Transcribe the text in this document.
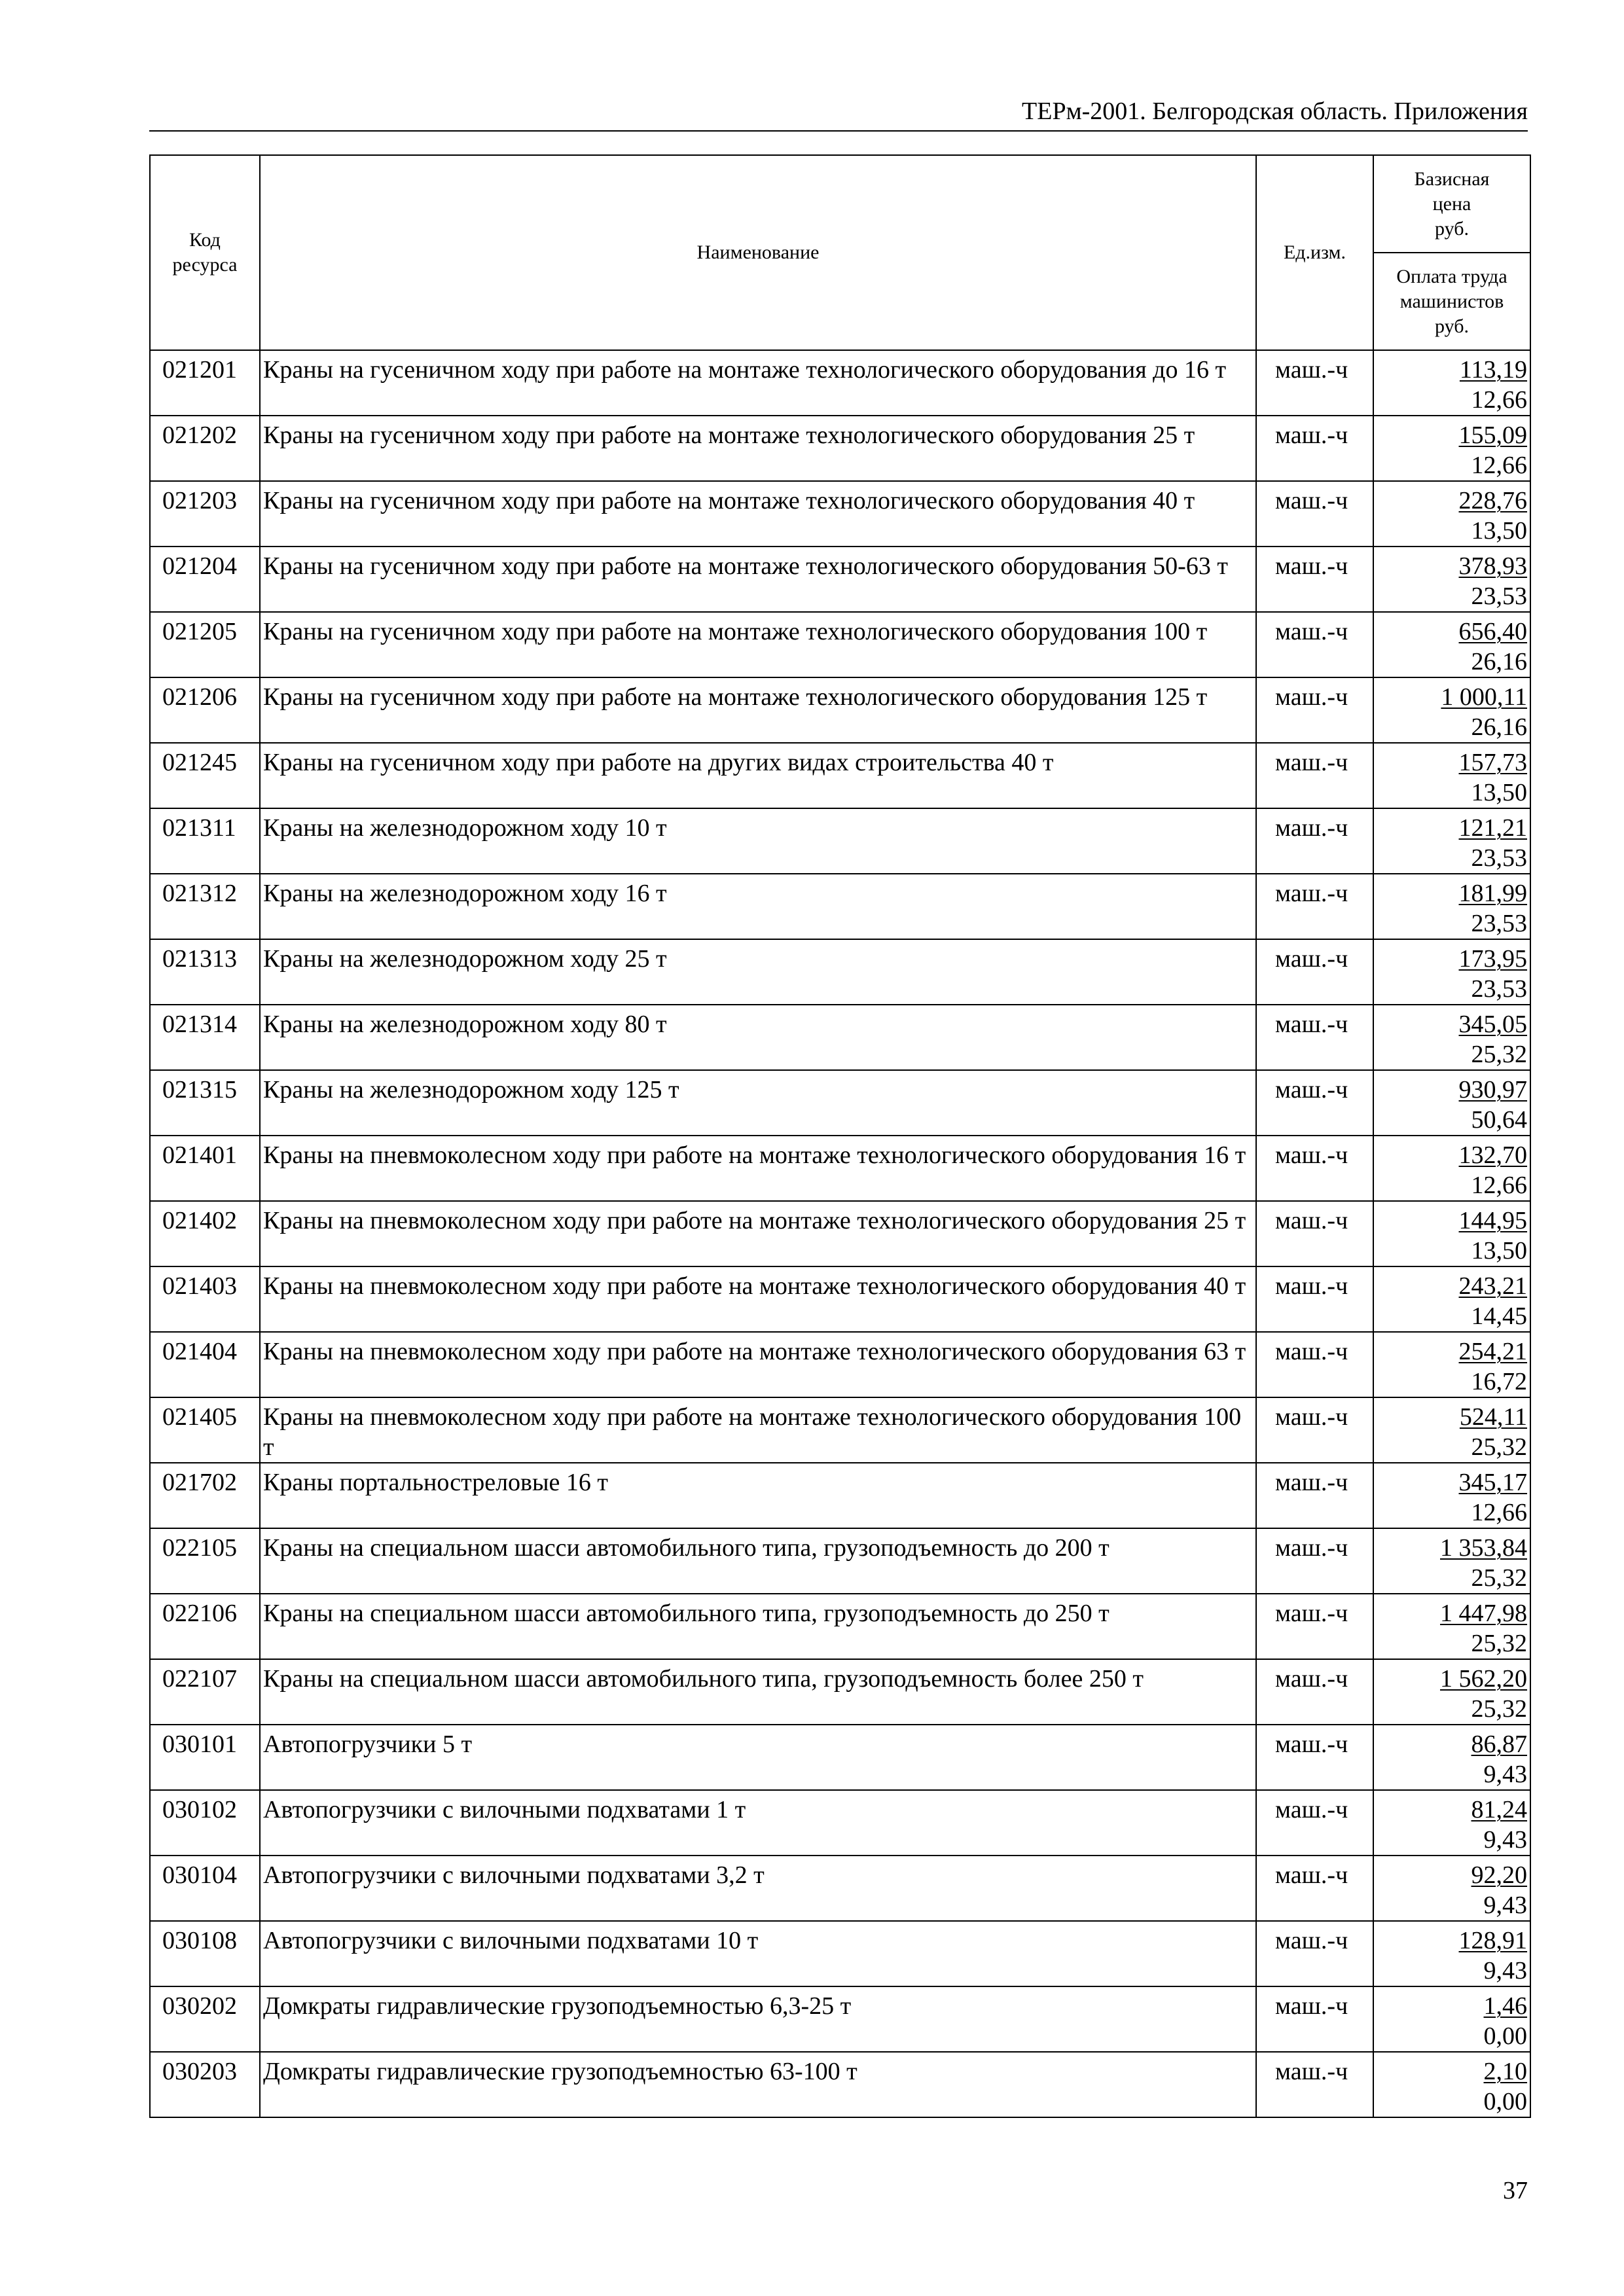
ТЕРм-2001. Белгородская область. Приложения
Код
ресурса	Наименование	Ед.изм.	Базисная
цена
руб.
			Оплата труда
машинистов
руб.
021201	Краны на гусеничном ходу при работе на монтаже технологического оборудования до 16 т	маш.-ч	113,19
12,66

021202	Краны на гусеничном ходу при работе на монтаже технологического оборудования 25 т	маш.-ч	155,09
12,66

021203	Краны на гусеничном ходу при работе на монтаже технологического оборудования 40 т	маш.-ч	228,76
13,50

021204	Краны на гусеничном ходу при работе на монтаже технологического оборудования 50-63 т	маш.-ч	378,93
23,53

021205	Краны на гусеничном ходу при работе на монтаже технологического оборудования 100 т	маш.-ч	656,40
26,16

021206	Краны на гусеничном ходу при работе на монтаже технологического оборудования 125 т	маш.-ч	1 000,11
26,16

021245	Краны на гусеничном ходу при работе на других видах строительства 40 т	маш.-ч	157,73
13,50

021311	Краны на железнодорожном ходу 10 т	маш.-ч	121,21
23,53

021312	Краны на железнодорожном ходу 16 т	маш.-ч	181,99
23,53

021313	Краны на железнодорожном ходу 25 т	маш.-ч	173,95
23,53

021314	Краны на железнодорожном ходу 80 т	маш.-ч	345,05
25,32

021315	Краны на железнодорожном ходу 125 т	маш.-ч	930,97
50,64

021401	Краны на пневмоколесном ходу при работе на монтаже технологического оборудования 16 т	маш.-ч	132,70
12,66

021402	Краны на пневмоколесном ходу при работе на монтаже технологического оборудования 25 т	маш.-ч	144,95
13,50

021403	Краны на пневмоколесном ходу при работе на монтаже технологического оборудования 40 т	маш.-ч	243,21
14,45

021404	Краны на пневмоколесном ходу при работе на монтаже технологического оборудования 63 т	маш.-ч	254,21
16,72

021405	Краны на пневмоколесном ходу при работе на монтаже технологического оборудования 100 т	маш.-ч	524,11
25,32

021702	Краны портальностреловые 16 т	маш.-ч	345,17
12,66

022105	Краны на специальном шасси автомобильного типа, грузоподъемность до 200 т	маш.-ч	1 353,84
25,32

022106	Краны на специальном шасси автомобильного типа, грузоподъемность до 250 т	маш.-ч	1 447,98
25,32

022107	Краны на специальном шасси автомобильного типа, грузоподъемность более 250 т	маш.-ч	1 562,20
25,32

030101	Автопогрузчики 5 т	маш.-ч	86,87
9,43

030102	Автопогрузчики с вилочными подхватами 1 т	маш.-ч	81,24
9,43

030104	Автопогрузчики с вилочными подхватами 3,2 т	маш.-ч	92,20
9,43

030108	Автопогрузчики с вилочными подхватами 10 т	маш.-ч	128,91
9,43

030202	Домкраты гидравлические грузоподъемностью 6,3-25 т	маш.-ч	1,46
0,00

030203	Домкраты гидравлические грузоподъемностью 63-100 т	маш.-ч	2,10
0,00
37
